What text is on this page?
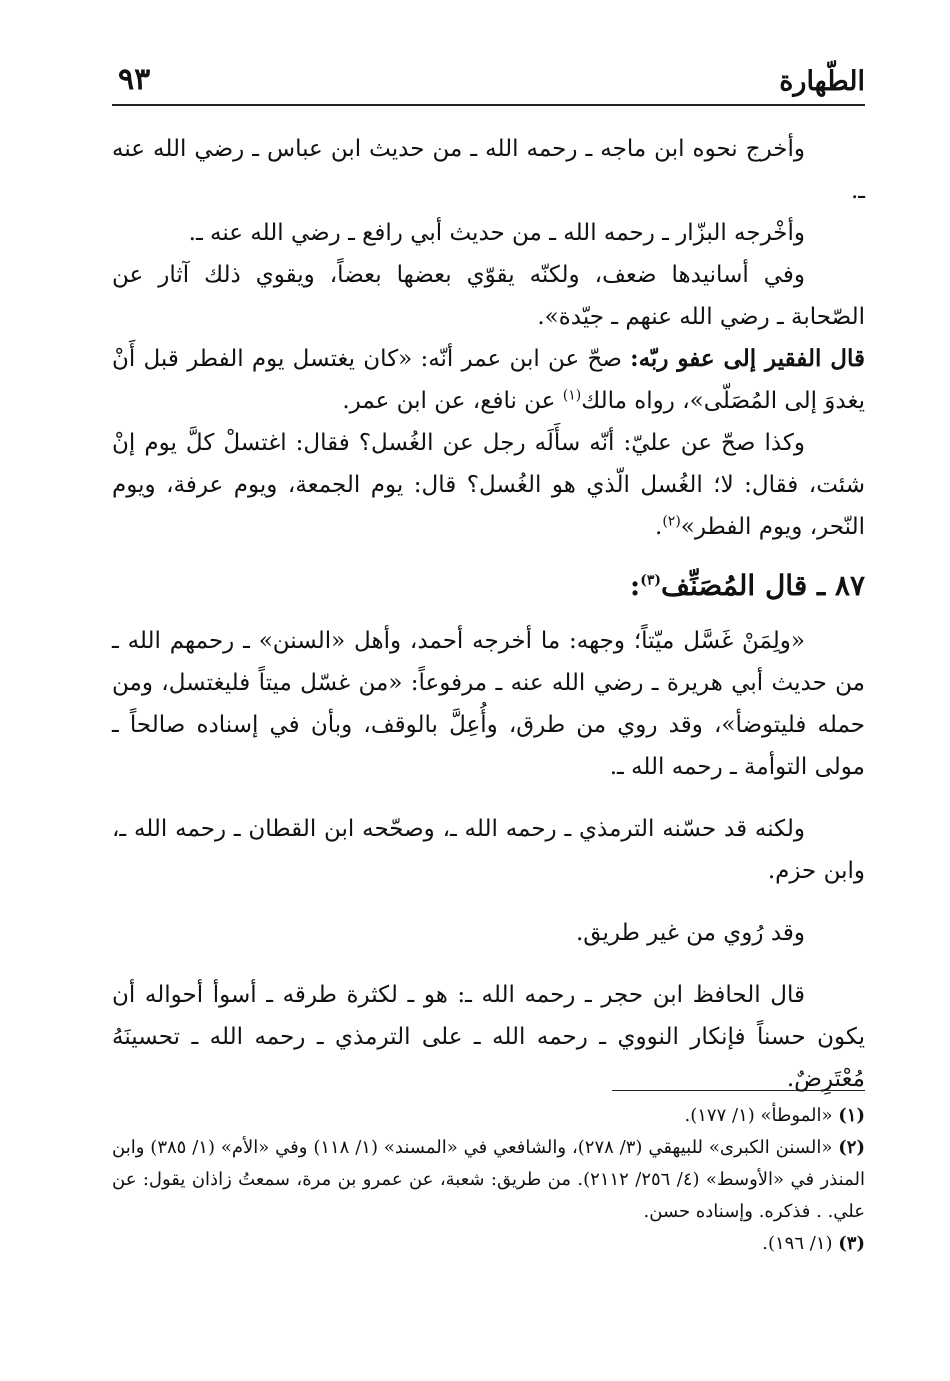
الطّهارة
٩٣

وأخرج نحوه ابن ماجه ـ رحمه الله ـ من حديث ابن عباس ـ رضي الله عنه ـ.

وأخْرجه البزّار ـ رحمه الله ـ من حديث أبي رافع ـ رضي الله عنه ـ.

وفي أسانيدها ضعف، ولكنّه يقوّي بعضها بعضاً، ويقوي ذلك آثار عن الصّحابة ـ رضي الله عنهم ـ جيّدة».

قال الفقير إلى عفو ربّه: صحّ عن ابن عمر أنّه: «كان يغتسل يوم الفطر قبل أَنْ يغدوَ إلى المُصَلّى»، رواه مالك$^{(١)}$ عن نافع، عن ابن عمر.

وكذا صحّ عن عليّ: أنّه سأَلَه رجل عن الغُسل؟ فقال: اغتسلْ كلَّ يوم إنْ شئت، فقال: لا؛ الغُسل الّذي هو الغُسل؟ قال: يوم الجمعة، ويوم عرفة، ويوم النّحر، ويوم الفطر»$^{(٢)}$.

٨٧ ـ قال المُصَنِّف$^{(٣)}$:

«ولِمَنْ غَسَّل ميّتاً؛ وجهه: ما أخرجه أحمد، وأهل «السنن» ـ رحمهم الله ـ من حديث أبي هريرة ـ رضي الله عنه ـ مرفوعاً: «من غسّل ميتاً فليغتسل، ومن حمله فليتوضأ»، وقد روي من طرق، وأُعِلَّ بالوقف، وبأن في إسناده صالحاً ـ مولى التوأمة ـ رحمه الله ـ.

ولكنه قد حسّنه الترمذي ـ رحمه الله ـ، وصحّحه ابن القطان ـ رحمه الله ـ، وابن حزم.

وقد رُوي من غير طريق.

قال الحافظ ابن حجر ـ رحمه الله ـ: هو ـ لكثرة طرقه ـ أسوأ أحواله أن يكون حسناً فإنكار النووي ـ رحمه الله ـ على الترمذي ـ رحمه الله ـ تحسينَهُ مُعْتَرِضٌ.

(١) «الموطأ» (١/ ١٧٧).

(٢) «السنن الكبرى» للبيهقي (٣/ ٢٧٨)، والشافعي في «المسند» (١/ ١١٨) وفي «الأم» (١/ ٣٨٥) وابن المنذر في «الأوسط» (٤/ ٢٥٦/ ٢١١٢). من طريق: شعبة، عن عمرو بن مرة، سمعتُ زاذان يقول: عن علي. . فذكره. وإسناده حسن.

(٣) (١/ ١٩٦).
